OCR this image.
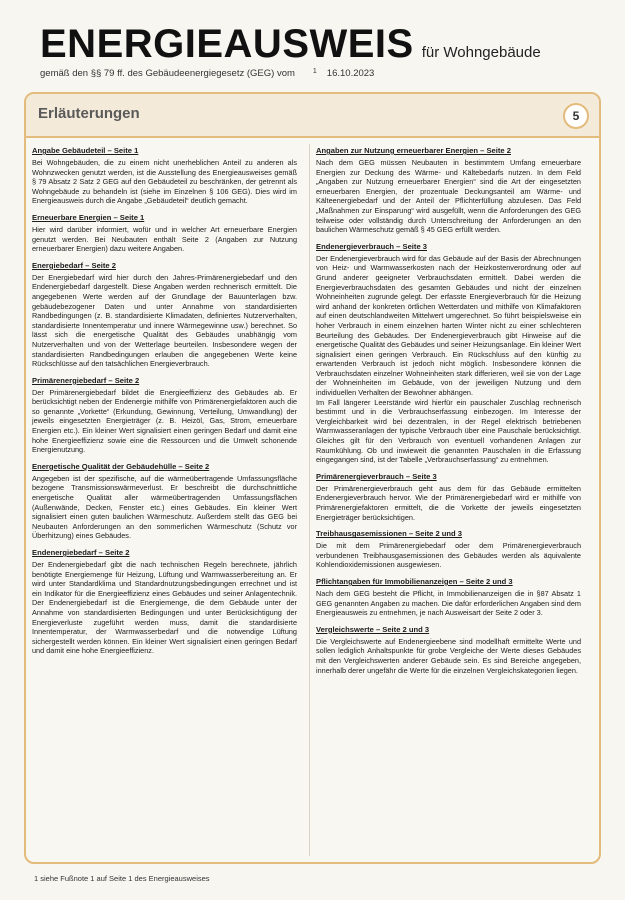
ENERGIEAUSWEIS für Wohngebäude
gemäß den §§ 79 ff. des Gebäudeenergiegesetz (GEG) vom	1 16.10.2023
Erläuterungen	5
Angabe Gebäudeteil – Seite 1

Bei Wohngebäuden, die zu einem nicht unerheblichen Anteil zu anderen als Wohnzwecken genutzt werden, ist die Ausstellung des Energieausweises gemäß § 79 Absatz 2 Satz 2 GEG auf den Gebäudeteil zu beschränken, der getrennt als Wohngebäude zu behandeln ist (siehe im Einzelnen § 106 GEG). Dies wird im Energieausweis durch die Angabe „Gebäudeteil“ deutlich gemacht.

Erneuerbare Energien – Seite 1

Hier wird darüber informiert, wofür und in welcher Art erneuerbare Energien genutzt werden. Bei Neubauten enthält Seite 2 (Angaben zur Nutzung erneuerbarer Energien) dazu weitere Angaben.

Energiebedarf – Seite 2

Der Energiebedarf wird hier durch den Jahres-Primärenergiebedarf und den Endenergiebedarf dargestellt. Diese Angaben werden rechnerisch ermittelt. Die angegebenen Werte werden auf der Grundlage der Bauunterlagen bzw. gebäudebezogener Daten und unter Annahme von standardisierten Randbedingungen (z. B. standardisierte Klimadaten, definiertes Nutzerverhalten, standardisierte Innentemperatur und innere Wärmegewinne usw.) berechnet. So lässt sich die energetische Qualität des Gebäudes unabhängig vom Nutzerverhalten und von der Wetterlage beurteilen. Insbesondere wegen der standardisierten Randbedingungen erlauben die angegebenen Werte keine Rückschlüsse auf den tatsächlichen Energieverbrauch.

Primärenergiebedarf – Seite 2

Der Primärenergiebedarf bildet die Energieeffizienz des Gebäudes ab. Er berücksichtigt neben der Endenergie mithilfe von Primärenergiefaktoren auch die so genannte „Vorkette“ (Erkundung, Gewinnung, Verteilung, Umwandlung) der jeweils eingesetzten Energieträger (z. B. Heizöl, Gas, Strom, erneuerbare Energien etc.). Ein kleiner Wert signalisiert einen geringen Bedarf und damit eine hohe Energieeffizienz sowie eine die Ressourcen und die Umwelt schonende Energienutzung.

Energetische Qualität der Gebäudehülle – Seite 2

Angegeben ist der spezifische, auf die wärmeübertragende Umfassungsfläche bezogene Transmissionswärmeverlust. Er beschreibt die durchschnittliche energetische Qualität aller wärmeübertragenden Umfassungsflächen (Außenwände, Decken, Fenster etc.) eines Gebäudes. Ein kleiner Wert signalisiert einen guten baulichen Wärmeschutz. Außerdem stellt das GEG bei Neubauten Anforderungen an den sommerlichen Wärmeschutz (Schutz vor Überhitzung) eines Gebäudes.

Endenergiebedarf – Seite 2

Der Endenergiebedarf gibt die nach technischen Regeln berechnete, jährlich benötigte Energiemenge für Heizung, Lüftung und Warmwasserbereitung an. Er wird unter Standardklima und Standardnutzungsbedingungen errechnet und ist ein Indikator für die Energieeffizienz eines Gebäudes und seiner Anlagentechnik. Der Endenergiebedarf ist die Energiemenge, die dem Gebäude unter der Annahme von standardisierten Bedingungen und unter Berücksichtigung der Energieverluste zugeführt werden muss, damit die standardisierte Innentemperatur, der Warmwasserbedarf und die notwendige Lüftung sichergestellt werden können. Ein kleiner Wert signalisiert einen geringen Bedarf und damit eine hohe Energieeffizienz.

Angaben zur Nutzung erneuerbarer Energien – Seite 2

Nach dem GEG müssen Neubauten in bestimmtem Umfang erneuerbare Energien zur Deckung des Wärme- und Kältebedarfs nutzen. In dem Feld „Angaben zur Nutzung erneuerbarer Energien“ sind die Art der eingesetzten erneuerbaren Energien, der prozentuale Deckungsanteil am Wärme- und Kälteenergiebedarf und der Anteil der Pflichterfüllung abzulesen. Das Feld „Maßnahmen zur Einsparung“ wird ausgefüllt, wenn die Anforderungen des GEG teilweise oder vollständig durch Unterschreitung der Anforderungen an den baulichen Wärmeschutz gemäß § 45 GEG erfüllt werden.

Endenergieverbrauch – Seite 3

Der Endenergieverbrauch wird für das Gebäude auf der Basis der Abrechnungen von Heiz- und Warmwasserkosten nach der Heizkostenverordnung oder auf Grund anderer geeigneter Verbrauchsdaten ermittelt. Dabei werden die Energieverbrauchsdaten des gesamten Gebäudes und nicht der einzelnen Wohneinheiten zugrunde gelegt. Der erfasste Energieverbrauch für die Heizung wird anhand der konkreten örtlichen Wetterdaten und mithilfe von Klimafaktoren auf einen deutschlandweiten Mittelwert umgerechnet. So führt beispielsweise ein hoher Verbrauch in einem einzelnen harten Winter nicht zu einer schlechteren Beurteilung des Gebäudes. Der Endenergieverbrauch gibt Hinweise auf die energetische Qualität des Gebäudes und seiner Heizungsanlage. Ein kleiner Wert signalisiert einen geringen Verbrauch. Ein Rückschluss auf den künftig zu erwartenden Verbrauch ist jedoch nicht möglich. Insbesondere können die Verbrauchsdaten einzelner Wohneinheiten stark differieren, weil sie von der Lage der Wohneinheiten im Gebäude, von der jeweiligen Nutzung und dem individuellen Verhalten der Bewohner abhängen.
Im Fall längerer Leerstände wird hierfür ein pauschaler Zuschlag rechnerisch bestimmt und in die Verbrauchserfassung einbezogen. Im Interesse der Vergleichbarkeit wird bei dezentralen, in der Regel elektrisch betriebenen Warmwasseranlagen der typische Verbrauch über eine Pauschale berücksichtigt. Gleiches gilt für den Verbrauch von eventuell vorhandenen Anlagen zur Raumkühlung. Ob und inwieweit die genannten Pauschalen in die Erfassung eingegangen sind, ist der Tabelle „Verbrauchserfassung“ zu entnehmen.

Primärenergieverbrauch – Seite 3

Der Primärenergieverbrauch geht aus dem für das Gebäude ermittelten Endenergieverbrauch hervor. Wie der Primärenergiebedarf wird er mithilfe von Primärenergiefaktoren ermittelt, die die Vorkette der jeweils eingesetzten Energieträger berücksichtigen.

Treibhausgasemissionen – Seite 2 und 3

Die mit dem Primärenergiebedarf oder dem Primärenergieverbrauch verbundenen Treibhausgasemissionen des Gebäudes werden als äquivalente Kohlendioxidemissionen ausgewiesen.

Pflichtangaben für Immobilienanzeigen – Seite 2 und 3

Nach dem GEG besteht die Pflicht, in Immobilienanzeigen die in §87 Absatz 1 GEG genannten Angaben zu machen. Die dafür erforderlichen Angaben sind dem Energieausweis zu entnehmen, je nach Ausweisart der Seite 2 oder 3.

Vergleichswerte – Seite 2 und 3

Die Vergleichswerte auf Endenergieebene sind modellhaft ermittelte Werte und sollen lediglich Anhaltspunkte für grobe Vergleiche der Werte dieses Gebäudes mit den Vergleichswerten anderer Gebäude sein. Es sind Bereiche angegeben, innerhalb derer ungefähr die Werte für die einzelnen Vergleichskategorien liegen.

1 siehe Fußnote 1 auf Seite 1 des Energieausweises
